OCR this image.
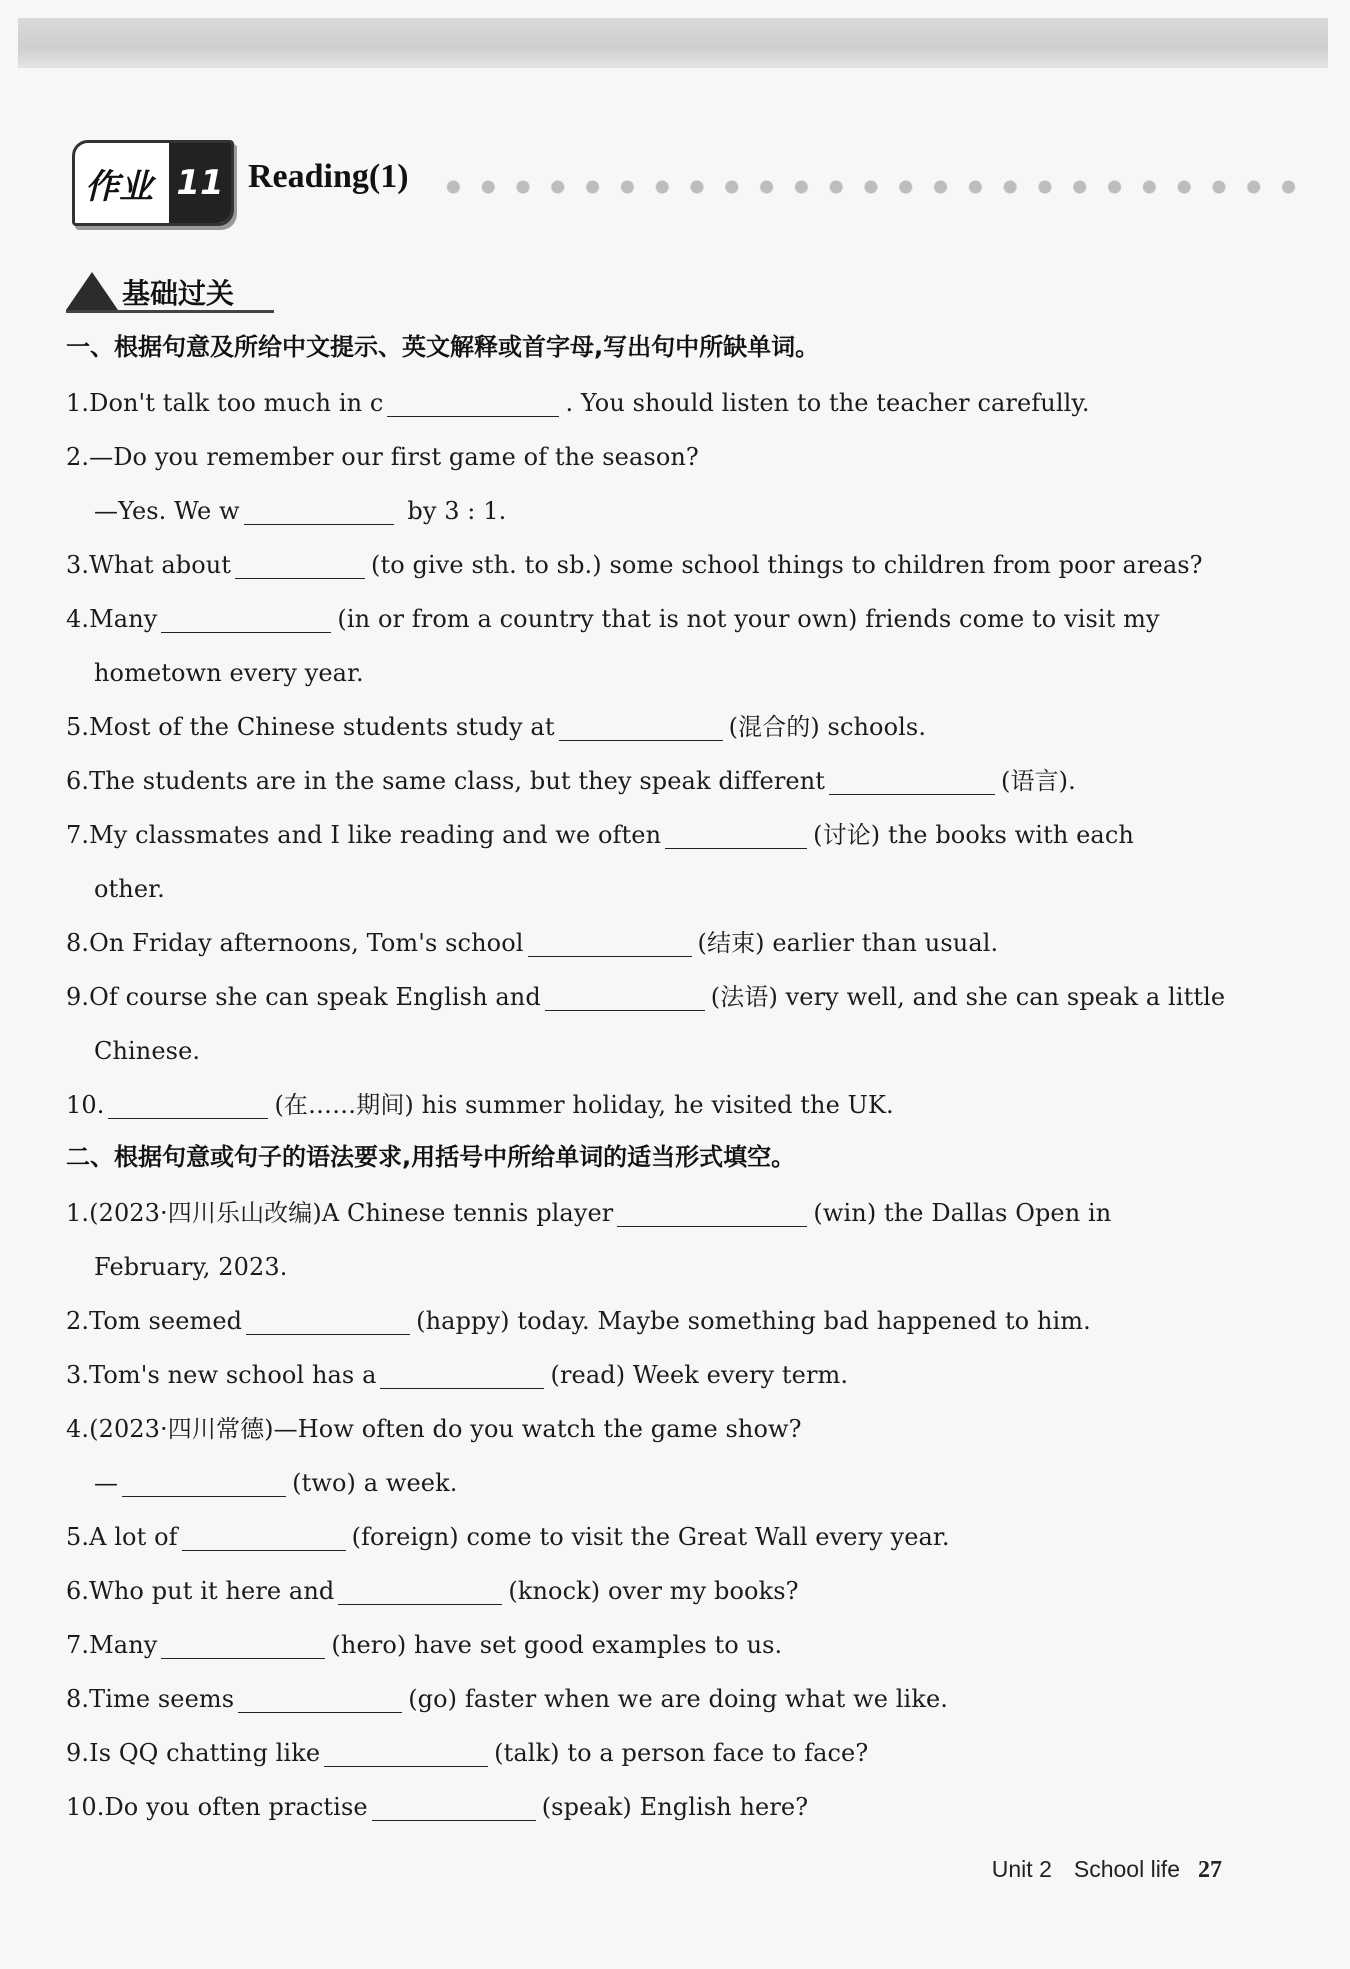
作业 11 Reading(1)
基础过关
一、根据句意及所给中文提示、英文解释或首字母,写出句中所缺单词。
1.Don't talk too much in c	. You should listen to the teacher carefully.
2.—Do you remember our first game of the season?
—Yes. We w	by 3 : 1.
3.What about	(to give sth. to sb.) some school things to children from poor areas?
4.Many	(in or from a country that is not your own) friends come to visit my
hometown every year.
5.Most of the Chinese students study at	(混合的) schools.
6.The students are in the same class, but they speak different	(语言).
7.My classmates and I like reading and we often	(讨论) the books with each
other.
8.On Friday afternoons, Tom's school	(结束) earlier than usual.
9.Of course she can speak English and	(法语) very well, and she can speak a little
Chinese.
10.	(在……期间) his summer holiday, he visited the UK.
二、根据句意或句子的语法要求,用括号中所给单词的适当形式填空。
1.(2023·四川乐山改编)A Chinese tennis player	(win) the Dallas Open in
February, 2023.
2.Tom seemed	(happy) today. Maybe something bad happened to him.
3.Tom's new school has a	(read) Week every term.
4.(2023·四川常德)—How often do you watch the game show?
—	(two) a week.
5.A lot of	(foreign) come to visit the Great Wall every year.
6.Who put it here and	(knock) over my books?
7.Many	(hero) have set good examples to us.
8.Time seems	(go) faster when we are doing what we like.
9.Is QQ chatting like	(talk) to a person face to face?
10.Do you often practise	(speak) English here?
Unit 2 School life 27
